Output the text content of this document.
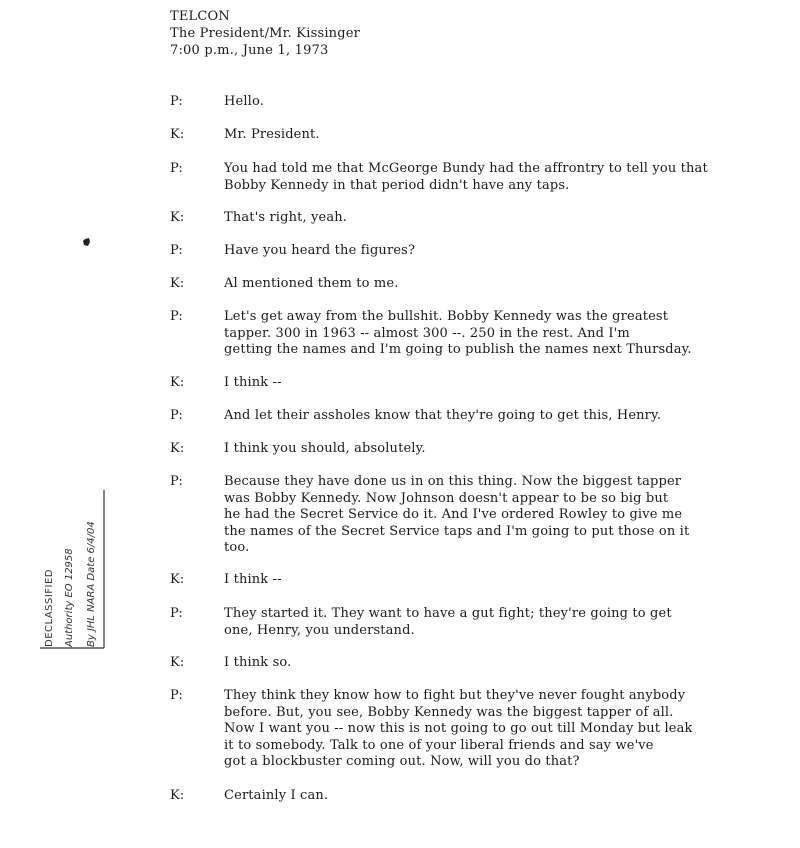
TELCON
The President/Mr. Kissinger
7:00 p.m., June 1, 1973
P:	Hello.
K:	Mr. President.
P:	You had told me that McGeorge Bundy had the affrontry to tell you that
Bobby Kennedy in that period didn't have any taps.
K:	That's right, yeah.
P:	Have you heard the figures?
K:	Al mentioned them to me.
P:	Let's get away from the bullshit. Bobby Kennedy was the greatest
tapper. 300 in 1963 -- almost 300 --. 250 in the rest. And I'm
getting the names and I'm going to publish the names next Thursday.
K:	I think --
P:	And let their assholes know that they're going to get this, Henry.
K:	I think you should, absolutely.
P:	Because they have done us in on this thing. Now the biggest tapper
was Bobby Kennedy. Now Johnson doesn't appear to be so big but
he had the Secret Service do it. And I've ordered Rowley to give me
the names of the Secret Service taps and I'm going to put those on it
too.
K:	I think --
P:	They started it. They want to have a gut fight; they're going to get
one, Henry, you understand.
K:	I think so.
P:	They think they know how to fight but they've never fought anybody
before. But, you see, Bobby Kennedy was the biggest tapper of all.
Now I want you -- now this is not going to go out till Monday but leak
it to somebody. Talk to one of your liberal friends and say we've
got a blockbuster coming out. Now, will you do that?
K:	Certainly I can.
DECLASSIFIED Authority EO 12958 By JHL NARA Date 6/4/04
